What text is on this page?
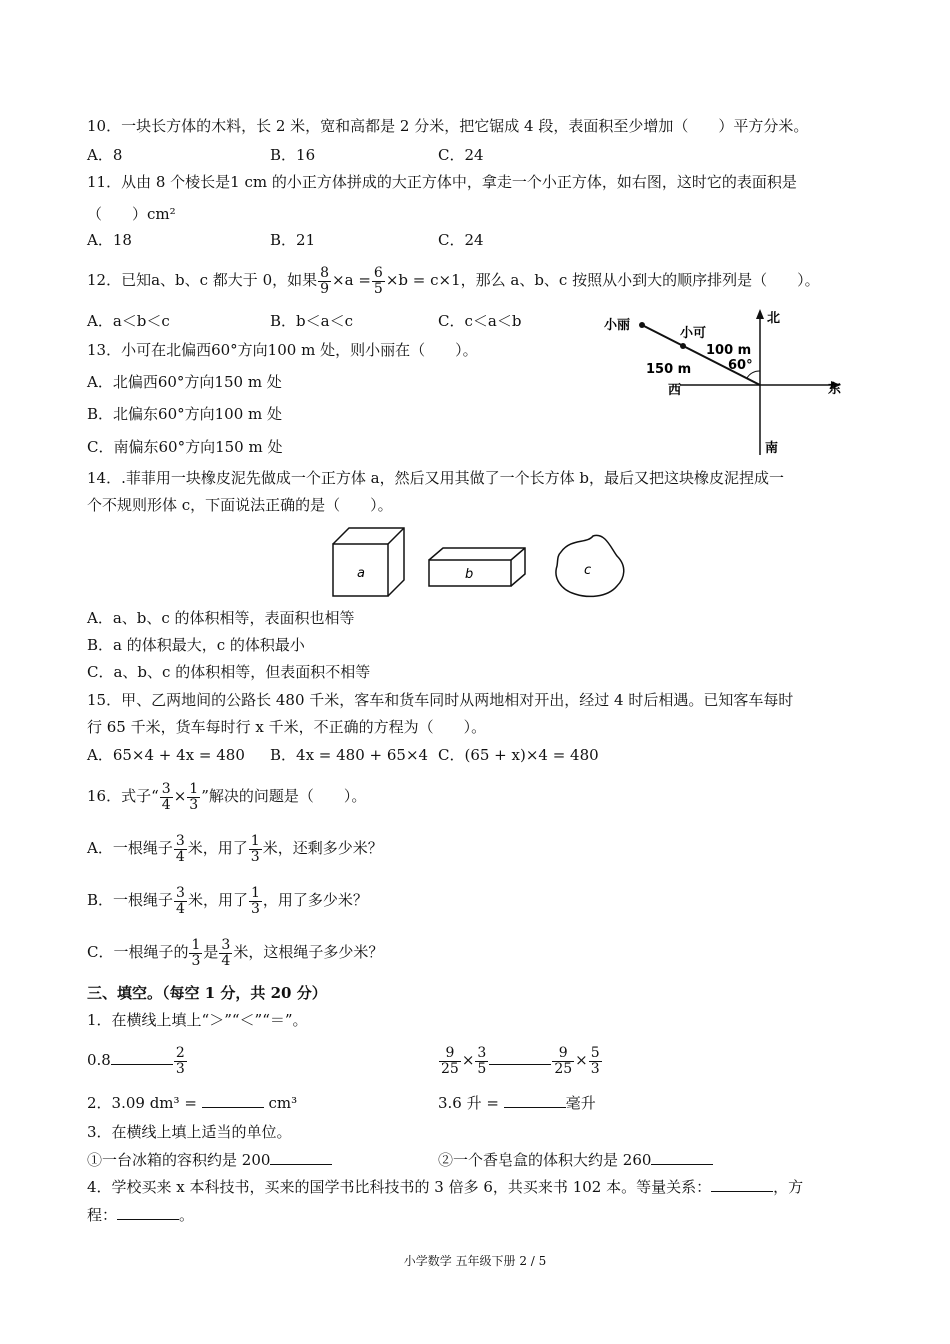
10．一块长方体的木料，长 2 米，宽和高都是 2 分米，把它锯成 4 段，表面积至少增加（　　）平方分米。
A．8	B．16	C．24
11．从由 8 个棱长是1 cm 的小正方体拼成的大正方体中，拿走一个小正方体，如右图，这时它的表面积是
（　　）cm²
A．18	B．21	C．24
12．已知a、b、c 都大于 0，如果 $\frac{8}{9} \times a = \frac{6}{5} \times b = c\times 1$，那么 a、b、c 按照从小到大的顺序排列是（　　）。
A．a＜b＜c	B．b＜a＜c	C．c＜a＜b
13．小可在北偏西60°方向100 m 处，则小丽在（　　）。
A．北偏西60°方向150 m 处
B．北偏东60°方向100 m 处
C．南偏东60°方向150 m 处
小丽
小可
北
南
东
西
100 m
150 m	60°
14．.菲菲用一块橡皮泥先做成一个正方体 a，然后又用其做了一个长方体 b，最后又把这块橡皮泥捏成一
个不规则形体 c，下面说法正确的是（　　）。
a	b	c
A．a、b、c 的体积相等，表面积也相等
B．a 的体积最大，c 的体积最小
C．a、b、c 的体积相等，但表面积不相等
15．甲、乙两地间的公路长 480 千米，客车和货车同时从两地相对开出，经过 4 时后相遇。已知客车每时
行 65 千米，货车每时行 x 千米，不正确的方程为（　　）。
A．65×4 + 4x = 480 B．4x = 480 + 65×4 C．(65 + x)×4 = 480
16．式子“ $\frac{3}{4} \times \frac{1}{3}$ ”解决的问题是（　　）。
A．一根绳子 $\frac{3}{4}$ 米，用了 $\frac{1}{3}$ 米，还剩多少米？
B．一根绳子 $\frac{3}{4}$ 米，用了 $\frac{1}{3}$ ，用了多少米？
C．一根绳子的 $\frac{1}{3}$ 是 $\frac{3}{4}$ 米，这根绳子多少米？
三、填空。（每空 1 分，共 20 分）
1．在横线上填上“＞”“＜”“＝”。
0.8	$\frac{2}{3}$	$\frac{9}{25} \times \frac{3}{5}$	$\frac{9}{25} \times \frac{5}{3}$
2．3.09 dm³ =	cm³	3.6 升 =	毫升
3．在横线上填上适当的单位。
①一台冰箱的容积约是 200	②一个香皂盒的体积大约是 260
4．学校买来 x 本科技书，买来的国学书比科技书的 3 倍多 6，共买来书 102 本。等量关系：	，方
程：	。
小学数学 五年级下册 2 / 5
